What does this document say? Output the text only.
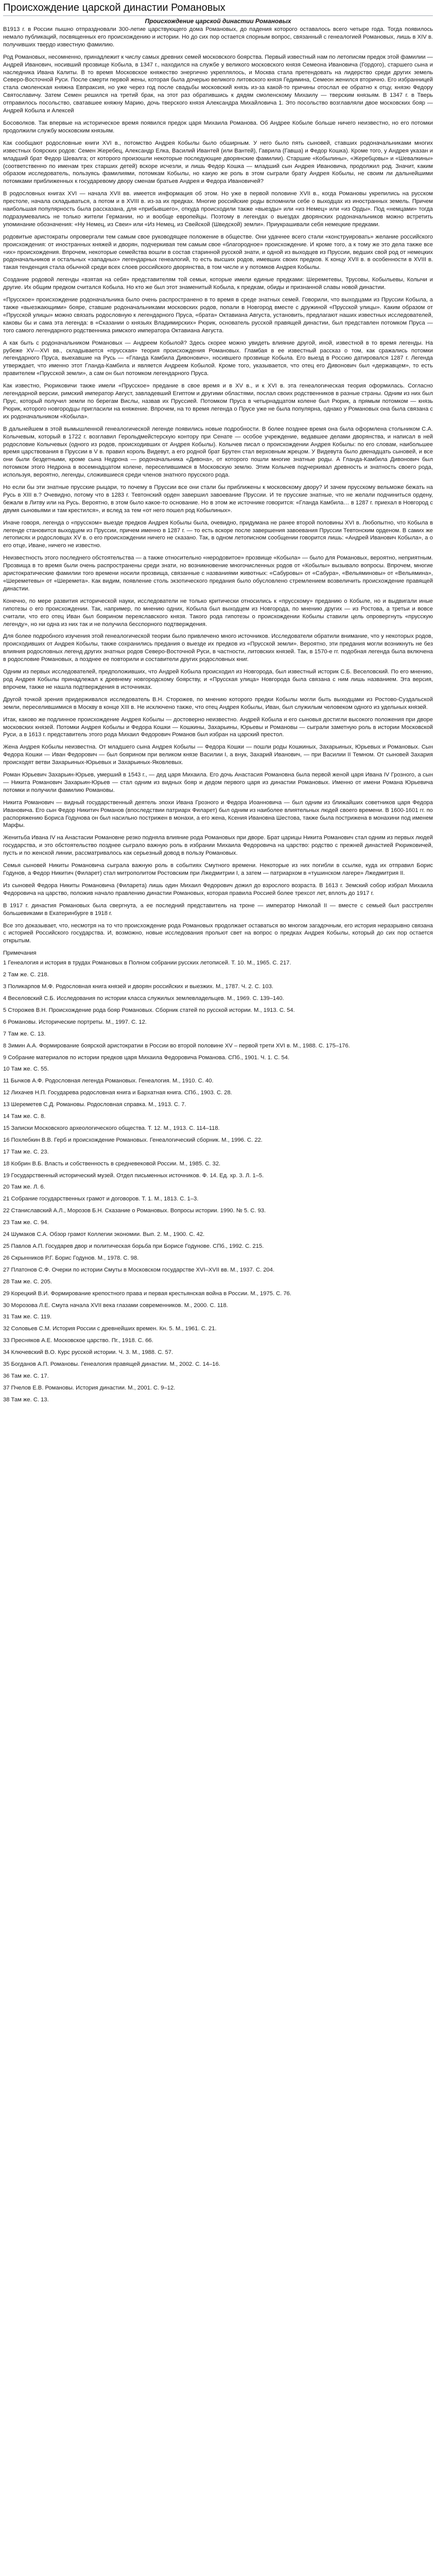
Происхождение царской династии Романовых
Происхождение царской династии Романовых

В1913 г. в России пышно отпраздновали 300-летие царствующего дома Романовых, до падения которого оставалось всего четыре года. Тогда появилось немало публикаций, посвященных его происхождению и истории. Но до сих пор остается спорным вопрос, связанный с генеалогией Романовых, лишь в XIV в. получивших твердо известную фамилию.

Род Романовых, несомненно, принадлежит к числу самых древних семей московского боярства. Первый известный нам по летописям предок этой фамилии — Андрей Иванович, носивший прозвище Кобыла, в 1347 г., находился на службе у великого московского князя Семеона Ивановича (Гордого), старшего сына и наследника Ивана Калиты. В то время Московское княжество энергично укреплялось, и Москва стала претендовать на лидерство среди других земель Северо-Восточной Руси. После смерти первой жены, которая была дочерью великого литовского князя Гедимина, Семеон женился вторично. Его избранницей стала смоленская княжна Евпраксия, но уже через год после свадьбы московский князь из-за какой-то причины отослал ее обратно к отцу, князю Федору Святославичу. Затем Семен решился на третий брак, на этот раз обратившись к дядям смоленскому Михаилу — тверским князьям. В 1347 г. в Тверь отправилось посольство, сватавшее княжну Марию, дочь тверского князя Александра Михайловича 1. Это посольство возглавляли двое московских бояр — Андрей Кобыла и Алексей

Босоволков. Так впервые на историческое время появился предок царя Михаила Романова. Об Андрее Кобыле больше ничего неизвестно, но его потомки продолжили службу московским князьям.

Как сообщают родословные книги XVI в., потомство Андрея Кобылы было обширным. У него было пять сыновей, ставших родоначальниками многих известных боярских родов: Семен Жеребец, Александр Елка, Василий Ивантей (или Вантей), Гаврила (Гавша) и Федор Кошка). Кроме того, у Андрея указан и младший брат Федор Шевалга; от которого произошли некоторые последующие дворянские фамилии). Старшие «Кобылины», «Жеребцовы» и «Шевалкины» (соответственно по именам трех старших детей) вскоре исчезли, и лишь Федор Кошка — младший сын Андрея Ивановича, продолжил род. Значит, каким образом исследователь, пользуясь фамилиями, потомкам Кобылы, но какую же роль в этом сыграли брату Андрея Кобылы, не своим ли дальнейшими потомками приближенных к государевому двору сменам братьев Андрея и Федора Ивановичей?

В родословных книгах XVI — начала XVII вв. имеется информация об этом. Но уже в первой половине XVII в., когда Романовы укрепились на русском престоле, начала складываться, а потом и в XVIII в. из-за их предках. Многие российские роды вспомнили себе о выходцах из иностранных земель. Причем наибольшая популярность была рассказана, для «прибывшего», откуда происходили также «выезды» или «из Немец» или «из Орды». Под «немцами» тогда подразумевались не только жители Германии, но и вообще европейцы. Поэтому в легендах о выездах дворянских родоначальников можно встретить упоминание обозначения: «Ну Немец, из Свеи» или «Из Немец, из Свейской (Шведской) земли». Приукрашивали себя немецкие предками.

родовитые аристократы опровергали тем самым свое руководящее положение в обществе. Они удачнее всего стали «конструировать» желание российского происхождения: от иностранных княжей и дворян, подчеркивая тем самым свое «благородное» происхождение. И кроме того, а к тому же это дела также все «их» происхождения. Впрочем, некоторые семейства вошли в состав старинной русской знати, и одной из выходцев из Пруссии, ведших свой род от немецких родоначальников и остальных «западных» легендарных генеалогий, то есть высших родов, имевших своих предков. К концу XVII в. в особенности в XVIII в. такая тенденция стала обычной среди всех слоев российского дворянства, в том числе и у потомков Андрея Кобылы.

Создание родовой легенды «взятая на себя» представителям той семьи, которые имели единые предками: Шереметевы, Трусовы, Кобыльевы, Колычи и другие. Их общим предком считался Кобыла. Но кто же был этот знаменитый Кобыла, к предкам, обиды и признанной славы новой династии.

«Прусское» происхождение родоначальника было очень распространено в то время в среде знатных семей. Говорили, что выходцами из Пруссии Кобыла, а также «выезжающими» бояре, ставшие родоначальниками московских родов, попали в Новгород вместе с дружиной «Прусской улицы». Каким образом от «Прусской улицы» можно связать родословную к легендарного Пруса, «брата» Октавиана Августа, установить, предлагают наших известных исследователей, каковы бы и сама эта легенда: в «Сказании о князьях Владимирских» Рюрик, основатель русской правящей династии, был представлен потомком Пруса — того самого легендарного родственника римского императора Октавиана Августа.

А как быть с родоначальником Романовых — Андреем Кобылой? Здесь скорее можно увидеть влияние другой, иной, известной в то время легенды. На рубеже XV—XVI вв., складывается «прусская» теория происхождения Романовых. Гламбая в ее известный рассказ о том, как сражались потомки легендарного Пруса, выехавшие на Русь — «Гланда Камбила Дивонович», носившего прозвище Кобыла. Его выезд в Россию датировался 1287 г. Легенда утверждает, что именно этот Гланда-Камбила и является Андреем Кобылой. Кроме того, указывается, что отец его Дивонович был «державцем», то есть правителем «Прусской земли», а сам он был потомком легендарного Пруса.

Как известно, Рюриковичи также имели «Прусское» предание в свое время и в XV в., и к XVI в. эта генеалогическая теория оформилась. Согласно легендарной версии, римский император Август, завладевший Египтом и другими областями, послал своих родственников в разные страны. Одним из них был Прус, который получил земли по берегам Вислы, назвав их Пруссией. Потомком Пруса в четырнадцатом колене был Рюрик, а прямым потомком — князь Рюрик, которого новгородцы пригласили на княжение. Впрочем, на то время легенда о Прусе уже не была популярна, однако у Романовых она была связана с их родоначальником «Кобыла».

В дальнейшем в этой вымышленной генеалогической легенде появились новые подробности. В более позднее время она была оформлена стольником С.А. Колычевым, который в 1722 г. возглавил Герольдмейстерскую контору при Сенате — особое учреждение, ведавшее делами дворянства, и написал в ней родословие Колычевых (одного из родов, происходивших от Андрея Кобылы). Колычев писал о происхождении Андрея Кобылы: по его словам, наибольшее время царствования в Пруссии в V в. правил король Видевут, а его родной брат Брутен стал верховным жрецом. У Видевута было двенадцать сыновей, и все они были бездетными, кроме сына Недрона — родоначальника «Дивона», от которого пошли многие знатные роды. А Гланда-Камбила Дивонович был потомком этого Недрона в восемнадцатом колене, переселившимся в Московскую землю. Этим Колычев подчеркивал древность и знатность своего рода, используя, вероятно, легенды, сложившиеся среди членов знатного прусского рода.

Но если бы эти знатные прусские рыцари, то почему в Пруссии все они стали бы приближены к московскому двору? И зачем прусскому вельможе бежать на Русь в XIII в.? Очевидно, потому что в 1283 г. Тевтонский орден завершил завоевание Пруссии. И те прусские знатные, что не желали подчиниться ордену, бежали в Литву или на Русь. Вероятно, в этом было какое-то основание. Но в этом же источнике говорится: «Гланда Камбила… в 1287 г. приехал в Новгород с двумя сыновьями и там крестился», и вслед за тем «от него пошел род Кобылиных».

Иначе говоря, легенда о «прусском» выезде предков Андрея Кобылы была, очевидно, придумана не ранее второй половины XVI в. Любопытно, что Кобыла в легенде становится выходцем из Пруссии, причем именно в 1287 г. — то есть вскоре после завершения завоевания Пруссии Тевтонским орденом. В самих же летописях и родословцах XV в. о его происхождении ничего не сказано. Так, в одном летописном сообщении говорится лишь: «Андрей Иванович Кобыла», а о его отце, Иване, ничего не известно.

Неизвестность этого последнего обстоятельства — а также относительно «неродовитое» прозвище «Кобыла» — было для Романовых, вероятно, неприятным. Прозвища в то время были очень распространены среди знати, но возникновение многочисленных родов от «Кобылы» вызывало вопросы. Впрочем, многие аристократические фамилии того времени носили прозвища, связанные с названиями животных: «Сабуровы» от «Сабура», «Вельяминовы» от «Вельямина», «Шереметевы» от «Шеремета». Как видим, появление столь экзотического предания было обусловлено стремлением возвеличить происхождение правящей династии.

Конечно, по мере развития исторической науки, исследователи не только критически относились к «прусскому» преданию о Кобыле, но и выдвигали иные гипотезы о его происхождении. Так, например, по мнению одних, Кобыла был выходцем из Новгорода, по мнению других — из Ростова, а третьи и вовсе считали, что его отец Иван был боярином переяславского князя. Такого рода гипотезы о происхождении Кобылы ставили цель опровергнуть «прусскую легенду», но ни одна из них так и не получила бесспорного подтверждения.

Для более подробного изучения этой генеалогической теории было привлечено много источников. Исследователи обратили внимание, что у некоторых родов, происходивших от Андрея Кобылы, также сохранились предания о выезде их предков из «Прусской земли». Вероятно, эти предания могли возникнуть не без влияния родословных легенд других знатных родов Северо-Восточной Руси, в частности, литовских князей. Так, в 1570-е гг. подобная легенда была включена в родословие Романовых, а позднее ее повторили и составители других родословных книг.

Одним из первых исследователей, предположивших, что Андрей Кобыла происходил из Новгорода, был известный историк С.Б. Веселовский. По его мнению, род Андрея Кобылы принадлежал к древнему новгородскому боярству, и «Прусская улица» Новгорода была связана с ним лишь названием. Эта версия, впрочем, также не нашла подтверждения в источниках.

Другой точкой зрения придерживался исследователь В.Н. Сторожев, по мнению которого предки Кобылы могли быть выходцами из Ростово-Суздальской земли, переселившимися в Москву в конце XIII в. Не исключено также, что отец Андрея Кобылы, Иван, был служилым человеком одного из удельных князей.

Итак, каково же подлинное происхождение Андрея Кобылы — достоверно неизвестно. Андрей Кобыла и его сыновья достигли высокого положения при дворе московских князей. Потомки Андрея Кобылы и Федора Кошки — Кошкины, Захарьины, Юрьевы и Романовы — сыграли заметную роль в истории Московской Руси, а в 1613 г. представитель этого рода Михаил Федорович Романов был избран на царский престол.

Жена Андрея Кобылы неизвестна. От младшего сына Андрея Кобылы — Федора Кошки — пошли роды Кошкиных, Захарьиных, Юрьевых и Романовых. Сын Федора Кошки — Иван Федорович — был боярином при великом князе Василии I, а внук, Захарий Иванович, — при Василии II Темном. От сыновей Захария происходят ветви Захарьиных-Юрьевых и Захарьиных-Яковлевых.

Роман Юрьевич Захарьин-Юрьев, умерший в 1543 г., — дед царя Михаила. Его дочь Анастасия Романовна была первой женой царя Ивана IV Грозного, а сын — Никита Романович Захарьин-Юрьев — стал одним из видных бояр и дедом первого царя из династии Романовых. Именно от имени Романа Юрьевича потомки и получили фамилию Романовы.

Никита Романович — видный государственный деятель эпохи Ивана Грозного и Федора Иоанновича — был одним из ближайших советников царя Федора Ивановича. Его сын Федор Никитич Романов (впоследствии патриарх Филарет) был одним из наиболее влиятельных людей своего времени. В 1600-1601 гг. по распоряжению Бориса Годунова он был насильно пострижен в монахи, а его жена, Ксения Ивановна Шестова, также была пострижена в монахини под именем Марфы.

Женитьба Ивана IV на Анастасии Романовне резко подняла влияние рода Романовых при дворе. Брат царицы Никита Романович стал одним из первых людей государства, и это обстоятельство позднее сыграло важную роль в избрании Михаила Федоровича на царство: родство с прежней династией Рюриковичей, пусть и по женской линии, рассматривалось как серьезный довод в пользу Романовых.

Семья сыновей Никиты Романовича сыграла важную роль в событиях Смутного времени. Некоторые из них погибли в ссылке, куда их отправил Борис Годунов, а Федор Никитич (Филарет) стал митрополитом Ростовским при Лжедмитрии I, а затем — патриархом в «тушинском лагере» Лжедмитрия II.

Из сыновей Федора Никиты Романовича (Филарета) лишь один Михаил Федорович дожил до взрослого возраста. В 1613 г. Земский собор избрал Михаила Федоровича на царство, положив начало правлению династии Романовых, которая правила Россией более трехсот лет, вплоть до 1917 г.

В 1917 г. династия Романовых была свергнута, а ее последний представитель на троне — император Николай II — вместе с семьей был расстрелян большевиками в Екатеринбурге в 1918 г.

Все это доказывает, что, несмотря на то что происхождение рода Романовых продолжает оставаться во многом загадочным, его история неразрывно связана с историей Российского государства. И, возможно, новые исследования прольют свет на вопрос о предках Андрея Кобылы, который до сих пор остается открытым.

Примечания

1 Генеалогия и история в трудах Романовых в Полном собрании русских летописей. Т. 10. М., 1965. С. 217.

2 Там же. С. 218.

3 Поликарпов М.Ф. Родословная книга князей и дворян российских и выезжих. М., 1787. Ч. 2. С. 103.

4 Веселовский С.Б. Исследования по истории класса служилых землевладельцев. М., 1969. С. 139–140.

5 Сторожев В.Н. Происхождение рода бояр Романовых. Сборник статей по русской истории. М., 1913. С. 54.

6 Романовы. Исторические портреты. М., 1997. С. 12.

7 Там же. С. 13.

8 Зимин А.А. Формирование боярской аристократии в России во второй половине XV – первой трети XVI в. М., 1988. С. 175–176.

9 Собрание материалов по истории предков царя Михаила Федоровича Романова. СПб., 1901. Ч. 1. С. 54.

10 Там же. С. 55.

11 Бычков А.Ф. Родословная легенда Романовых. Генеалогия. М., 1910. С. 40.

12 Лихачев Н.П. Государева родословная книга и Бархатная книга. СПб., 1903. С. 28.

13 Шереметев С.Д. Романовы. Родословная справка. М., 1913. С. 7.

14 Там же. С. 8.

15 Записки Московского археологического общества. Т. 12. М., 1913. С. 114–118.

16 Похлебкин В.В. Герб и происхождение Романовых. Генеалогический сборник. М., 1996. С. 22.

17 Там же. С. 23.

18 Кобрин В.Б. Власть и собственность в средневековой России. М., 1985. С. 32.

19 Государственный исторический музей. Отдел письменных источников. Ф. 14. Ед. хр. 3. Л. 1–5.

20 Там же. Л. 6.

21 Собрание государственных грамот и договоров. Т. 1. М., 1813. С. 1–3.

22 Станиславский А.Л., Морозов Б.Н. Сказание о Романовых. Вопросы истории. 1990. № 5. С. 93.

23 Там же. С. 94.

24 Шумаков С.А. Обзор грамот Коллегии экономии. Вып. 2. М., 1900. С. 42.

25 Павлов А.П. Государев двор и политическая борьба при Борисе Годунове. СПб., 1992. С. 215.

26 Скрынников Р.Г. Борис Годунов. М., 1978. С. 98.

27 Платонов С.Ф. Очерки по истории Смуты в Московском государстве XVI–XVII вв. М., 1937. С. 204.

28 Там же. С. 205.

29 Корецкий В.И. Формирование крепостного права и первая крестьянская война в России. М., 1975. С. 76.

30 Морозова Л.Е. Смута начала XVII века глазами современников. М., 2000. С. 118.

31 Там же. С. 119.

32 Соловьев С.М. История России с древнейших времен. Кн. 5. М., 1961. С. 21.

33 Пресняков А.Е. Московское царство. Пг., 1918. С. 66.

34 Ключевский В.О. Курс русской истории. Ч. 3. М., 1988. С. 57.

35 Богданов А.П. Романовы. Генеалогия правящей династии. М., 2002. С. 14–16.

36 Там же. С. 17.

37 Пчелов Е.В. Романовы. История династии. М., 2001. С. 9–12.

38 Там же. С. 13.
